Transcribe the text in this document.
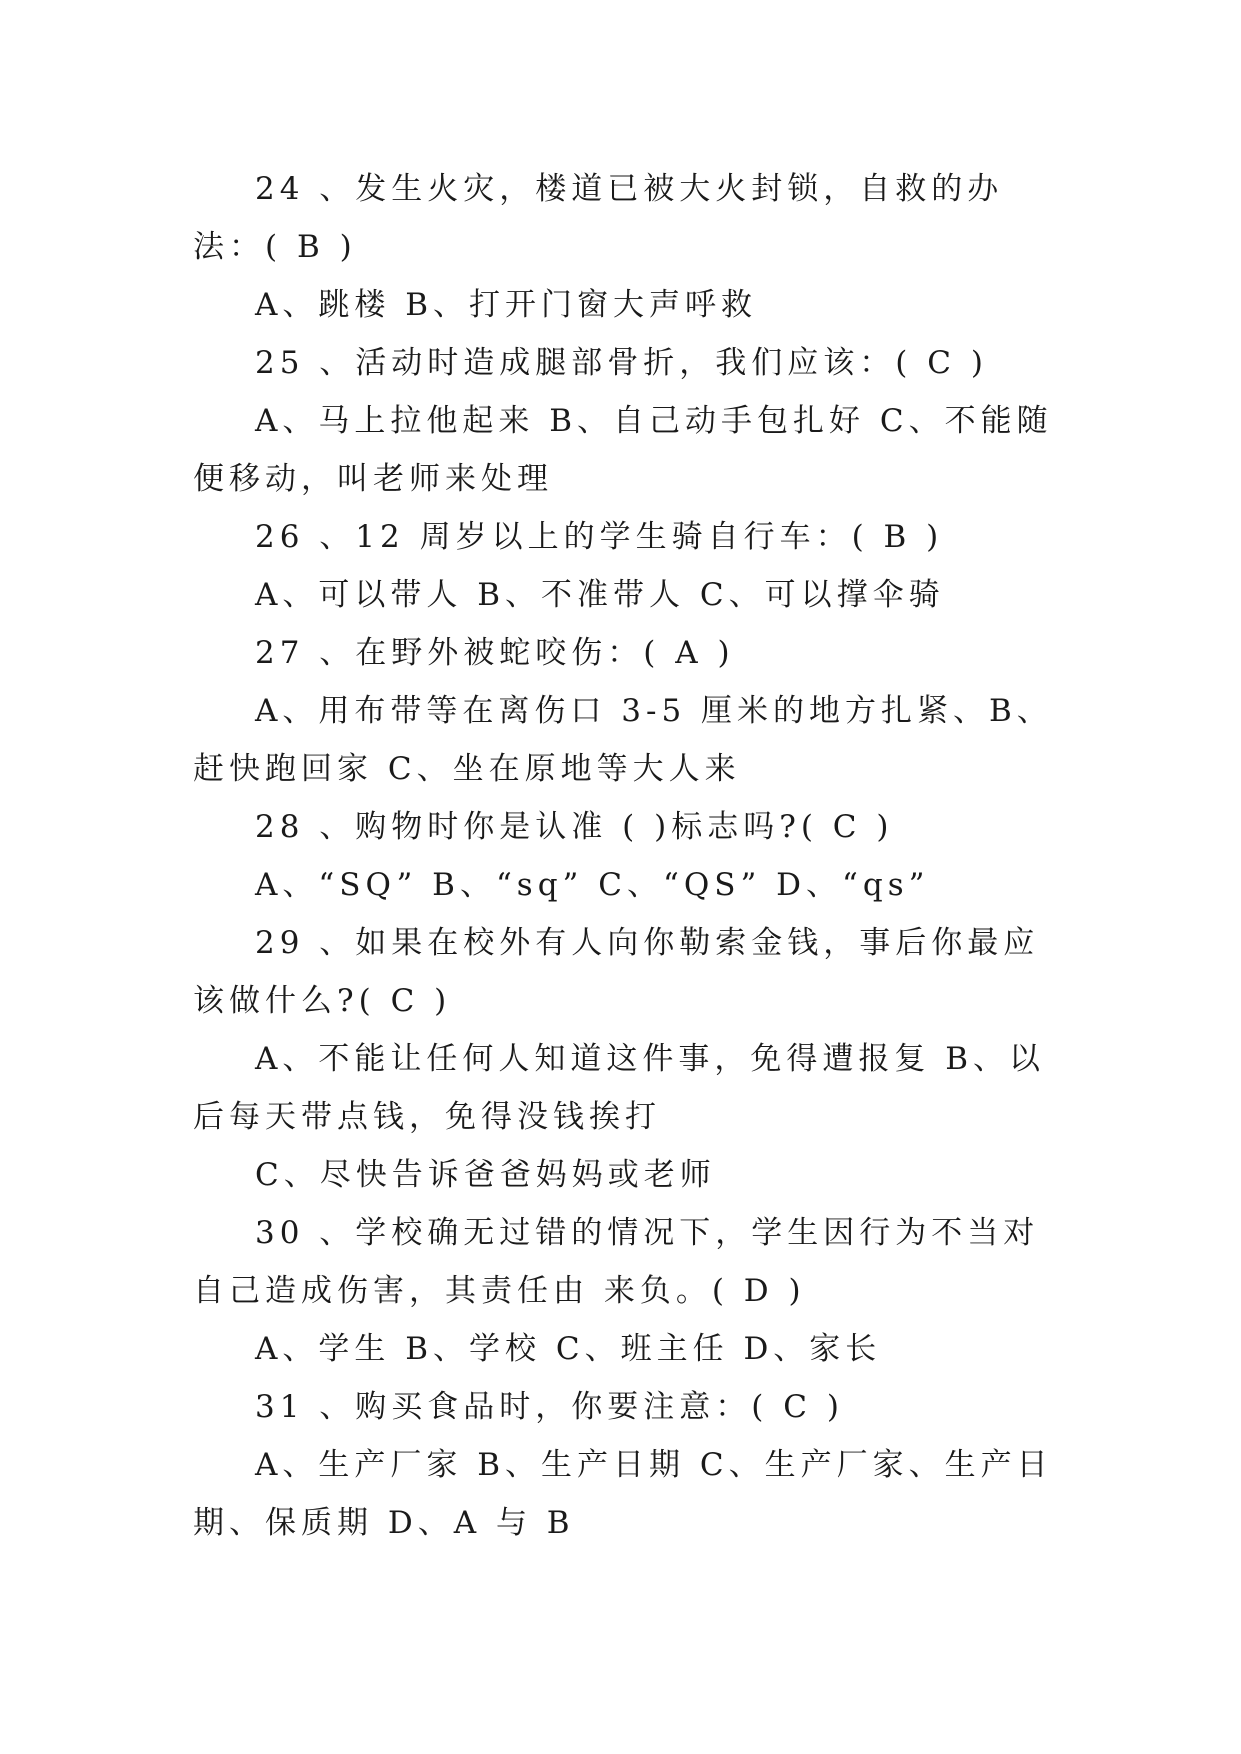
24 、发生火灾，楼道已被大火封锁，自救的办法：( B )

A、跳楼 B、打开门窗大声呼救

25 、活动时造成腿部骨折，我们应该：( C )

A、马上拉他起来 B、自己动手包扎好 C、不能随便移动，叫老师来处理

26 、12 周岁以上的学生骑自行车：( B )

A、可以带人 B、不准带人 C、可以撑伞骑

27 、在野外被蛇咬伤：( A )

A、用布带等在离伤口 3-5 厘米的地方扎紧、B、赶快跑回家 C、坐在原地等大人来

28 、购物时你是认准 ( )标志吗?( C )

A、“SQ” B、“sq” C、“QS” D、“qs”

29 、如果在校外有人向你勒索金钱，事后你最应该做什么?( C )

A、不能让任何人知道这件事，免得遭报复 B、以后每天带点钱，免得没钱挨打

C、尽快告诉爸爸妈妈或老师

30 、学校确无过错的情况下，学生因行为不当对自己造成伤害，其责任由 来负。( D )

A、学生 B、学校 C、班主任 D、家长

31 、购买食品时，你要注意：( C )

A、生产厂家 B、生产日期 C、生产厂家、生产日期、保质期 D、A 与 B
